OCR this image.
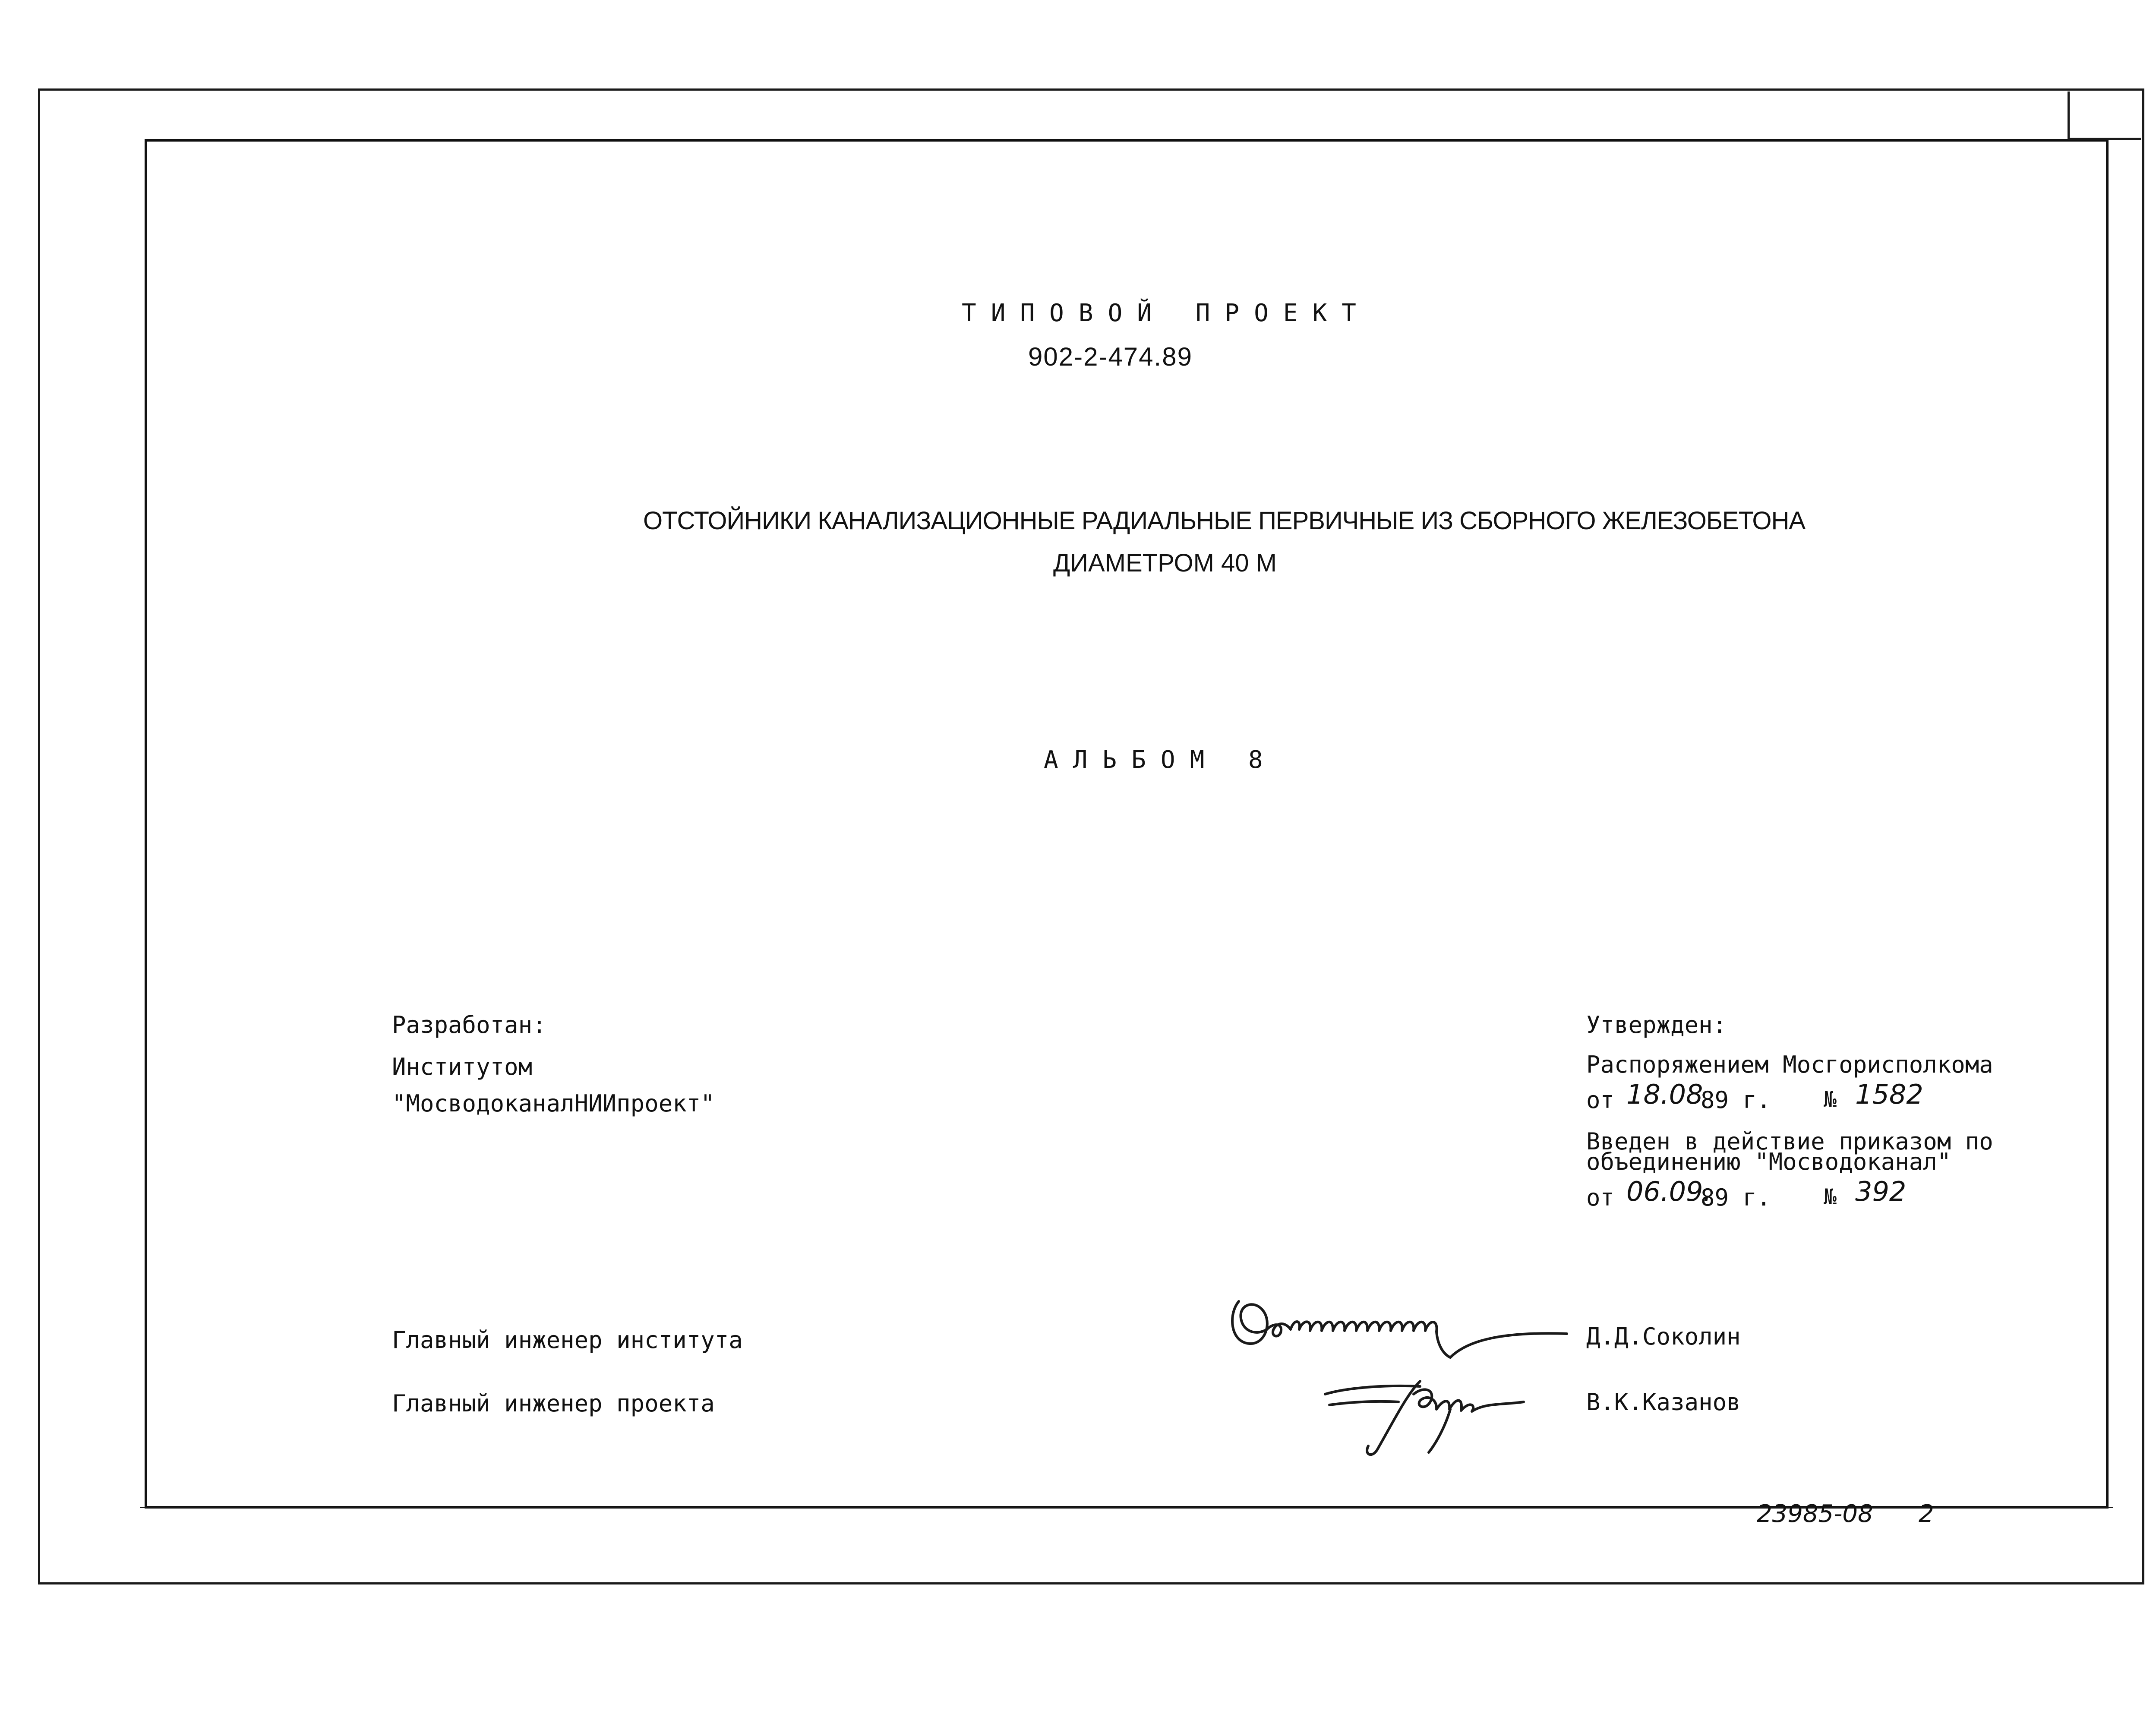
ТИПОВОЙ ПРОЕКТ
902-2-474.89
ОТСТОЙНИКИ КАНАЛИЗАЦИОННЫЕ РАДИАЛЬНЫЕ ПЕРВИЧНЫЕ ИЗ СБОРНОГО ЖЕЛЕЗОБЕТОНА
ДИАМЕТРОМ 40 М
АЛЬБОМ 8
Разработан:
Институтом
"МосводоканалНИИпроект"
Утвержден:
Распоряжением Мосгорисполкома
от 18.08
89 г. № 1582
Введен в действие приказом по
объединению "Мосводоканал"
от 06.09.
89 г. № 392
Главный инженер института	Д.Д.Соколин
Главный инженер проекта	В.К.Казанов
23985-08 2
